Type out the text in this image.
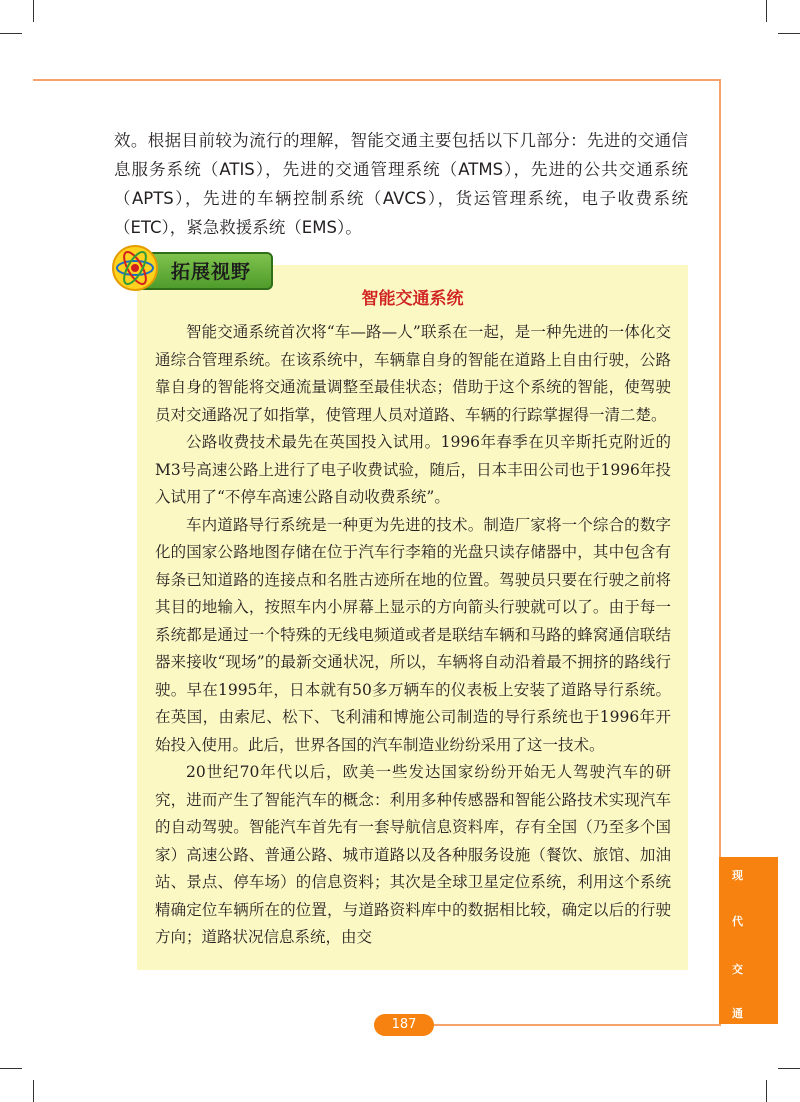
效。根据目前较为流行的理解，智能交通主要包括以下几部分：先进的交通信息服务系统（ATIS），先进的交通管理系统（ATMS），先进的公共交通系统（APTS），先进的车辆控制系统（AVCS），货运管理系统，电子收费系统（ETC），紧急救援系统（EMS）。

拓展视野
智能交通系统

智能交通系统首次将“车—路—人”联系在一起，是一种先进的一体化交通综合管理系统。在该系统中，车辆靠自身的智能在道路上自由行驶，公路靠自身的智能将交通流量调整至最佳状态；借助于这个系统的智能，使驾驶员对交通路况了如指掌，使管理人员对道路、车辆的行踪掌握得一清二楚。

公路收费技术最先在英国投入试用。1996年春季在贝辛斯托克附近的M3号高速公路上进行了电子收费试验，随后，日本丰田公司也于1996年投入试用了“不停车高速公路自动收费系统”。

车内道路导行系统是一种更为先进的技术。制造厂家将一个综合的数字化的国家公路地图存储在位于汽车行李箱的光盘只读存储器中，其中包含有每条已知道路的连接点和名胜古迹所在地的位置。驾驶员只要在行驶之前将其目的地输入，按照车内小屏幕上显示的方向箭头行驶就可以了。由于每一系统都是通过一个特殊的无线电频道或者是联结车辆和马路的蜂窝通信联结器来接收“现场”的最新交通状况，所以，车辆将自动沿着最不拥挤的路线行驶。早在1995年，日本就有50多万辆车的仪表板上安装了道路导行系统。在英国，由索尼、松下、飞利浦和博施公司制造的导行系统也于1996年开始投入使用。此后，世界各国的汽车制造业纷纷采用了这一技术。

20世纪70年代以后，欧美一些发达国家纷纷开始无人驾驶汽车的研究，进而产生了智能汽车的概念：利用多种传感器和智能公路技术实现汽车的自动驾驶。智能汽车首先有一套导航信息资料库，存有全国（乃至多个国家）高速公路、普通公路、城市道路以及各种服务设施（餐饮、旅馆、加油站、景点、停车场）的信息资料；其次是全球卫星定位系统，利用这个系统精确定位车辆所在的位置，与道路资料库中的数据相比较，确定以后的行驶方向；道路状况信息系统，由交

现
代
交
通
187
